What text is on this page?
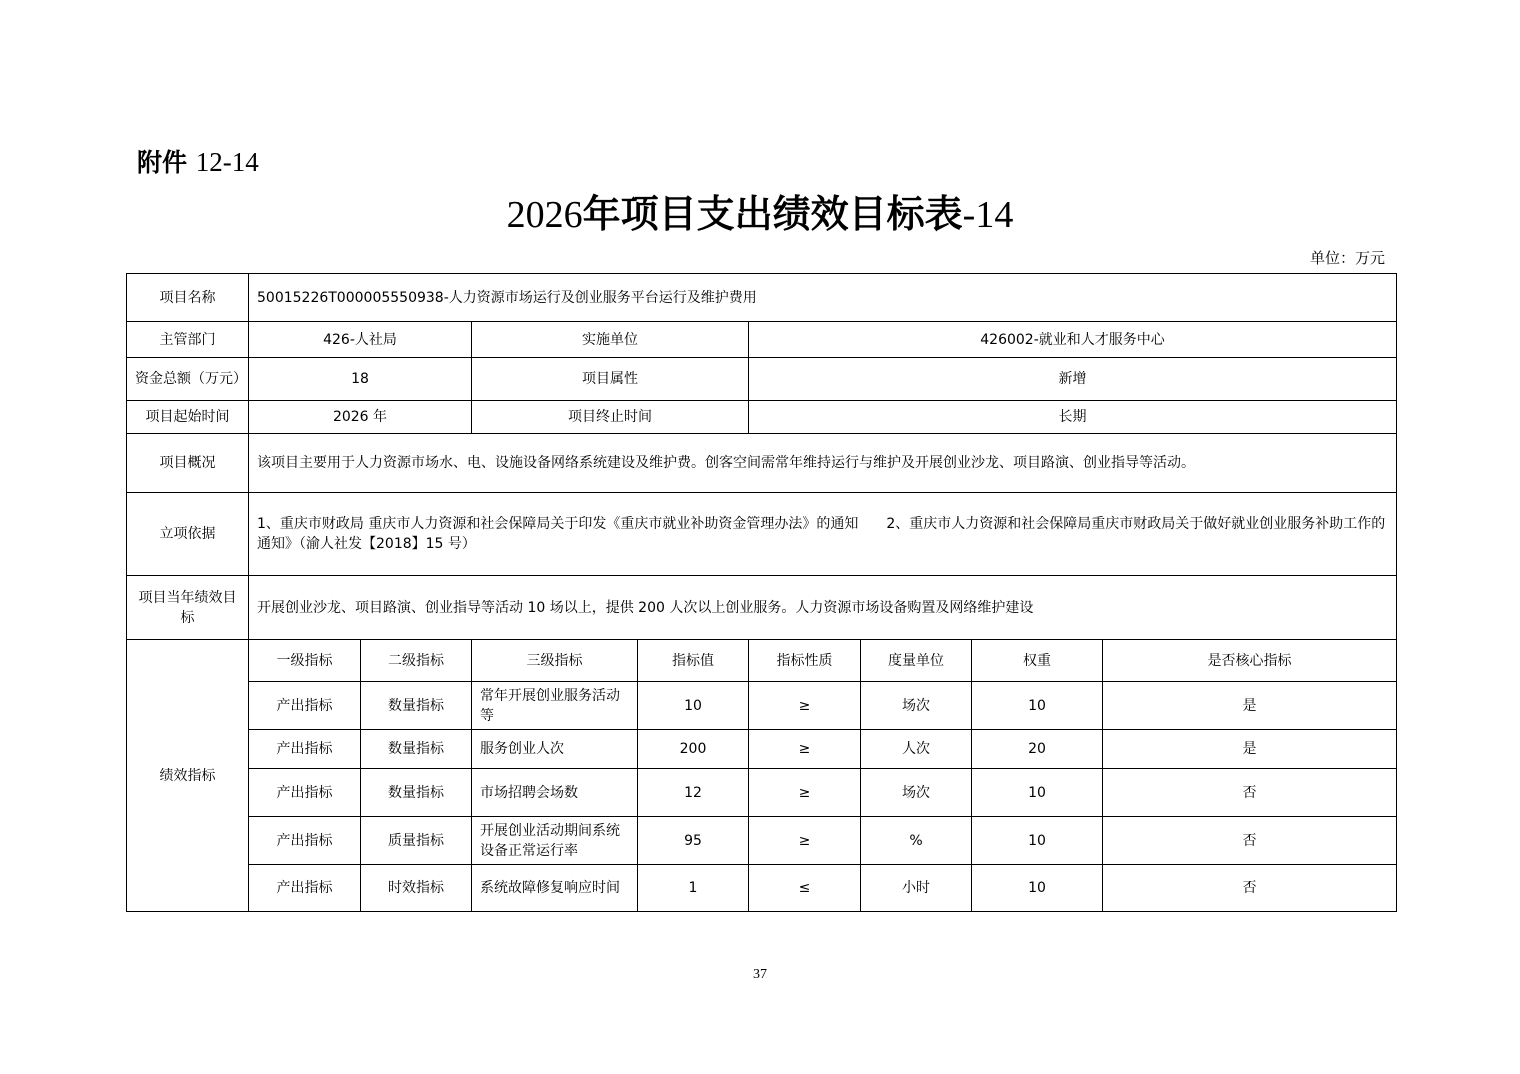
附件 12-14
2026年项目支出绩效目标表-14
单位：万元
项目名称	50015226T000005550938-人力资源市场运行及创业服务平台运行及维护费用							
主管部门	426-人社局		实施单位		426002-就业和人才服务中心			
资金总额（万元）	18		项目属性		新增			
项目起始时间	2026 年		项目终止时间		长期			
项目概况	该项目主要用于人力资源市场水、电、设施设备网络系统建设及维护费。创客空间需常年维持运行与维护及开展创业沙龙、项目路演、创业指导等活动。							
立项依据	1、重庆市财政局 重庆市人力资源和社会保障局关于印发《重庆市就业补助资金管理办法》的通知　　2、重庆市人力资源和社会保障局重庆市财政局关于做好就业创业服务补助工作的通知》（渝人社发【2018】15 号）							
项目当年绩效目标	开展创业沙龙、项目路演、创业指导等活动 10 场以上，提供 200 人次以上创业服务。人力资源市场设备购置及网络维护建设							
绩效指标	一级指标	二级指标	三级指标	指标值	指标性质	度量单位	权重	是否核心指标
	产出指标	数量指标	常年开展创业服务活动等	10	≥	场次	10	是
	产出指标	数量指标	服务创业人次	200	≥	人次	20	是
	产出指标	数量指标	市场招聘会场数	12	≥	场次	10	否
	产出指标	质量指标	开展创业活动期间系统设备正常运行率	95	≥	%	10	否
	产出指标	时效指标	系统故障修复响应时间	1	≤	小时	10	否
37
